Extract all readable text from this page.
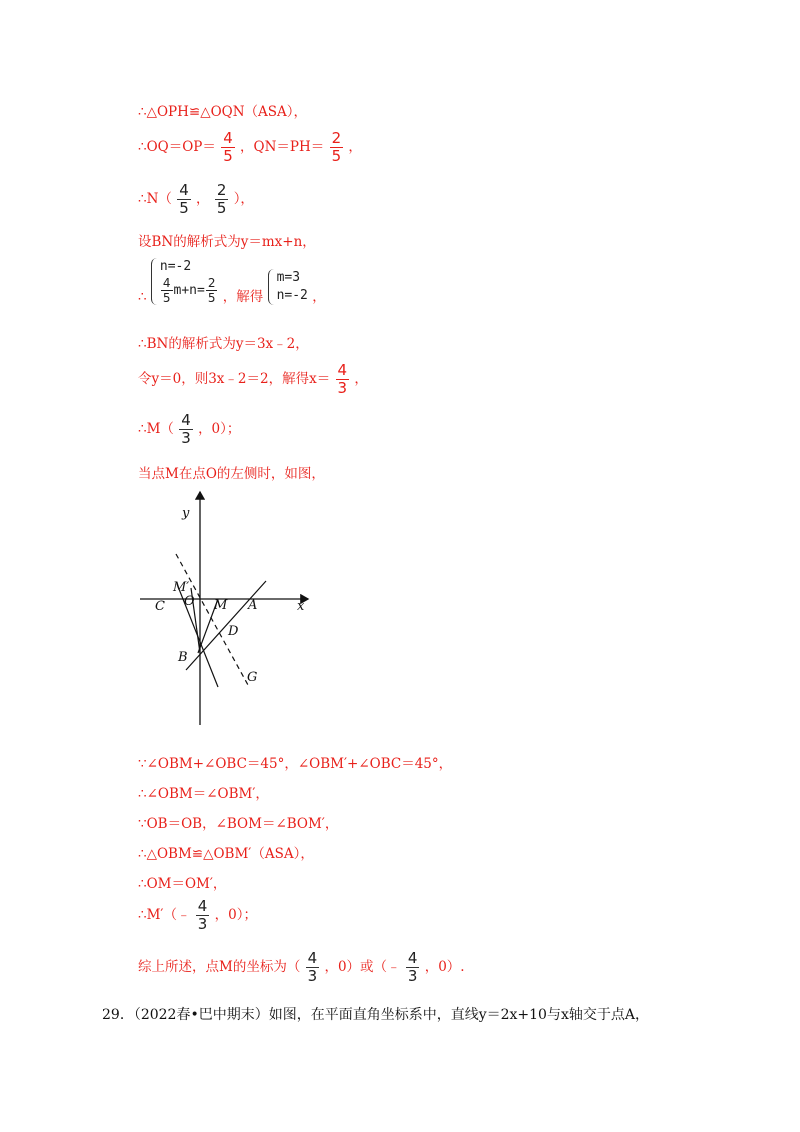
∴△OPH≌△OQN（ASA），
∴OQ＝OP＝ $\frac{4}{5}$ ，$QN=PH= \frac{2}{5}$ ，
∴N（ $\frac{4}{5}$ ， $\frac{2}{5}$ ），
设BN的解析式为y＝mx+n，
∴
n=-2
$\frac{4}{5} m+n= \frac{2}{5}$ ，解得
m=3
n=-2 ，
∴BN的解析式为y＝3x﹣2，
令y＝0，则3x﹣2＝2，解得$x= \frac{4}{3}$ ，
∴M（ $\frac{4}{3}$ ，0）；
当点M在点O的左侧时，如图，
y
x
C
M′
O M A
D
B
G
∵∠OBM+∠OBC＝45°，∠OBM′+∠OBC＝45°，
∴∠OBM＝∠OBM′，
∵OB＝OB，∠BOM＝∠BOM′，
∴△OBM≌△OBM′（ASA），
∴OM＝OM′，
∴M′（﹣ $\frac{4}{3}$ ，0）；
综上所述，点M的坐标为（ $\frac{4}{3}$ ，0）或（﹣ $\frac{4}{3}$ ，0）.
29．（2022春•巴中期末）如图，在平面直角坐标系中，直线y＝2x+10与x轴交于点A，
